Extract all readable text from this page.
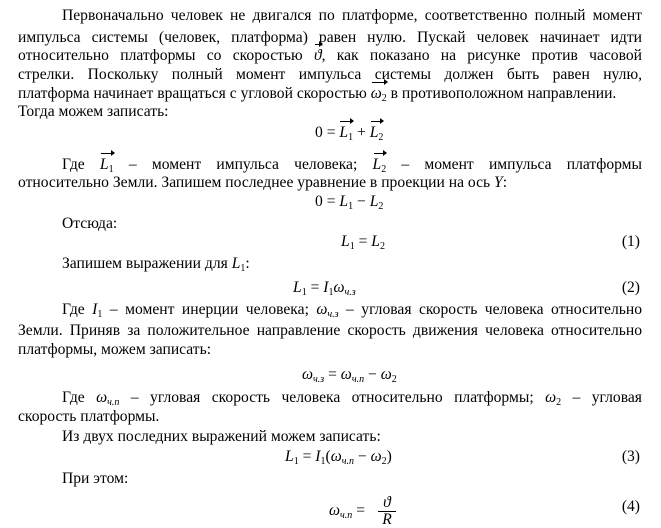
Первоначально человек не двигался по платформе, соответственно полный момент
импульса системы (человек, платформа) равен нулю. Пускай человек начинает идти
относительно платформы со скоростью ϑ, как показано на рисунке против часовой
стрелки. Поскольку полный момент импульса системы должен быть равен нулю,
платформа начинает вращаться с угловой скоростью $\omega_2$ в противоположном направлении.
Тогда можем записать:
$0 = L_1 + L_2$
Где $L_1$ – момент импульса человека; $L_2$ – момент импульса платформы
относительно Земли. Запишем последнее уравнение в проекции на ось Y:
$0 = L_1 - L_2$
Отсюда:
$L_1 = L_2$	(1)
Запишем выражении для $L_1$:
$L_1 = I_1\omega_{ч.з}$	(2)
Где $I_1$ – момент инерции человека; $\omega_{ч.з}$ – угловая скорость человека относительно
Земли. Приняв за положительное направление скорость движения человека относительно
платформы, можем записать:
$\omega_{ч.з} = \omega_{ч.п} - \omega_2$
Где $\omega_{ч.п}$ – угловая скорость человека относительно платформы; $\omega_2$ – угловая
скорость платформы.
Из двух последних выражений можем записать:
$L_1 = I_1(\omega_{ч.п} - \omega_2)$	(3)
При этом:
$\omega_{ч.п}$ =	ϑ
R
(4)
